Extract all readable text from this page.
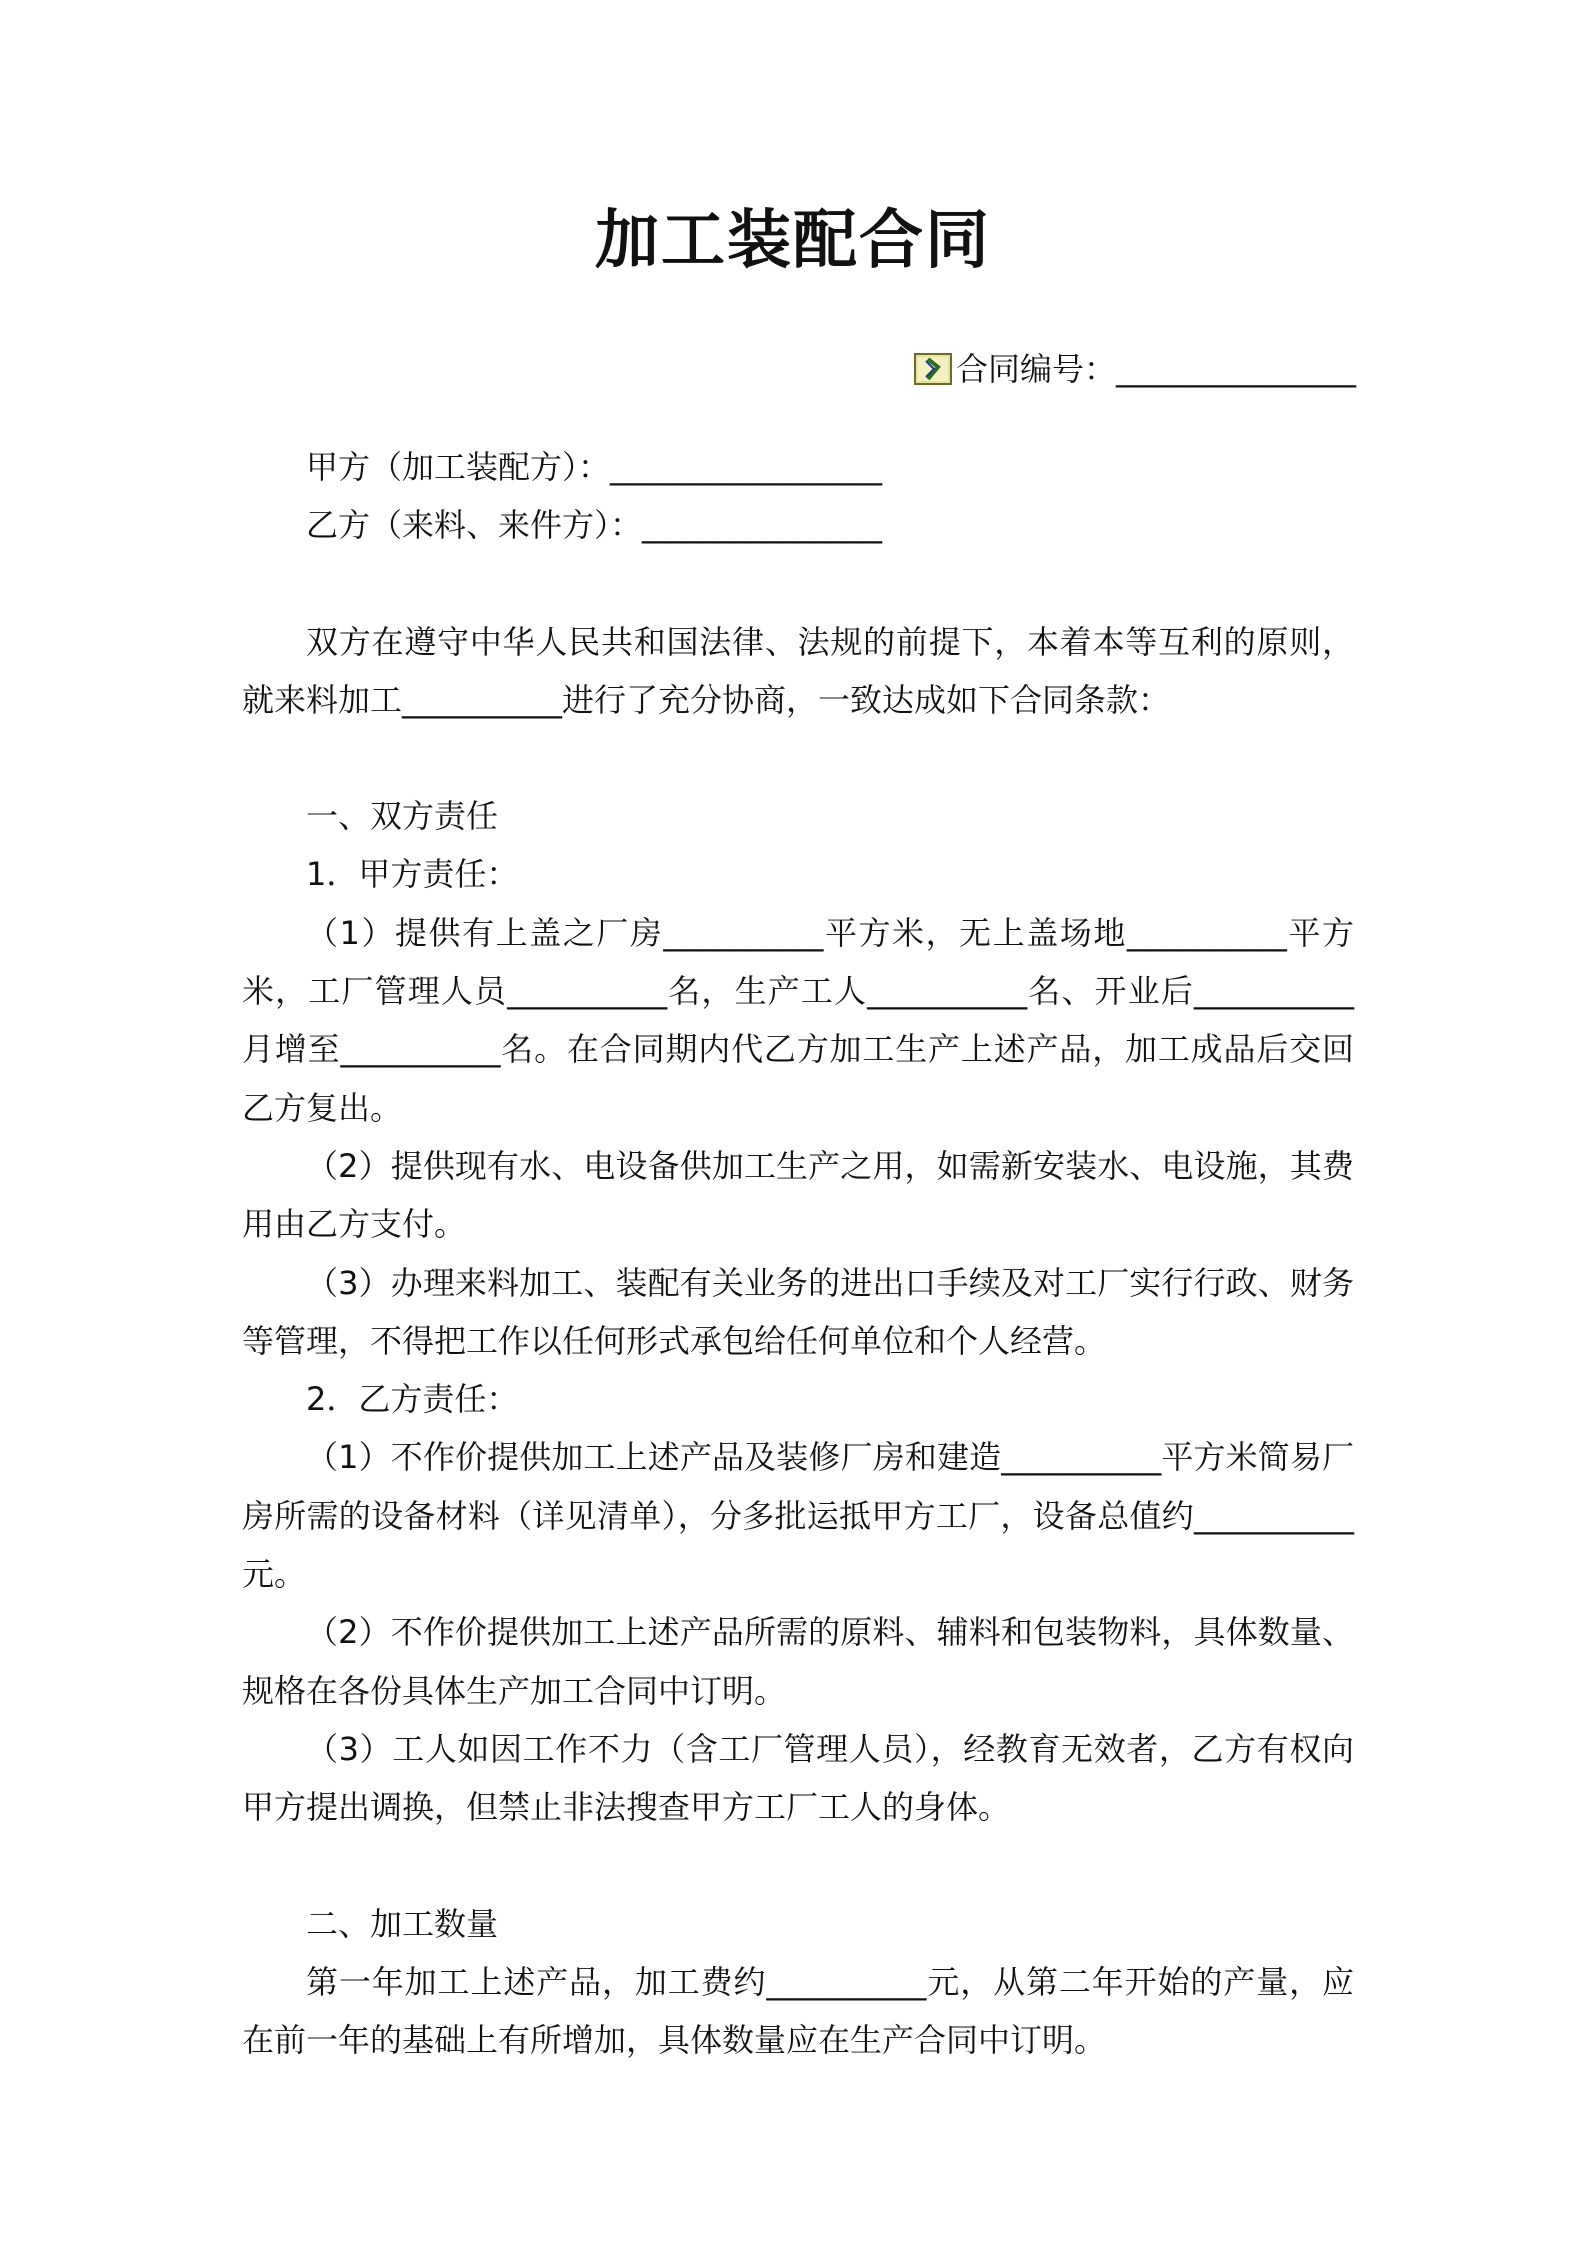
加工装配合同
合同编号：_______________

甲方（加工装配方）：_________________

乙方（来料、来件方）：_______________

双方在遵守中华人民共和国法律、法规的前提下，本着本等互利的原则，就来料加工__________进行了充分协商，一致达成如下合同条款：

一、双方责任

1．甲方责任：

（1）提供有上盖之厂房__________平方米，无上盖场地__________平方米，工厂管理人员__________名，生产工人__________名、开业后__________月增至__________名。在合同期内代乙方加工生产上述产品，加工成品后交回乙方复出。

（2）提供现有水、电设备供加工生产之用，如需新安装水、电设施，其费用由乙方支付。

（3）办理来料加工、装配有关业务的进出口手续及对工厂实行行政、财务等管理，不得把工作以任何形式承包给任何单位和个人经营。

2．乙方责任：

（1）不作价提供加工上述产品及装修厂房和建造__________平方米简易厂房所需的设备材料（详见清单），分多批运抵甲方工厂，设备总值约__________元。

（2）不作价提供加工上述产品所需的原料、辅料和包装物料，具体数量、规格在各份具体生产加工合同中订明。

（3）工人如因工作不力（含工厂管理人员），经教育无效者，乙方有权向甲方提出调换，但禁止非法搜查甲方工厂工人的身体。

二、加工数量

第一年加工上述产品，加工费约__________元，从第二年开始的产量，应在前一年的基础上有所增加，具体数量应在生产合同中订明。
